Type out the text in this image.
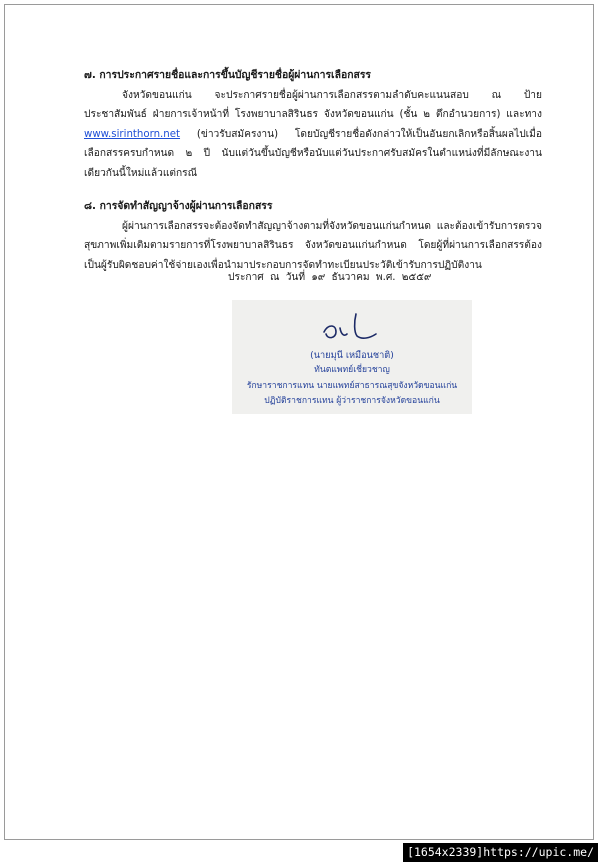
๗. การประกาศรายชื่อและการขึ้นบัญชีรายชื่อผู้ผ่านการเลือกสรร
จังหวัดขอนแก่น จะประกาศรายชื่อผู้ผ่านการเลือกสรรตามลำดับคะแนนสอบ ณ ป้ายประชาสัมพันธ์ ฝ่ายการเจ้าหน้าที่ โรงพยาบาลสิรินธร จังหวัดขอนแก่น (ชั้น ๒ ตึกอำนวยการ) และทาง www.sirinthorn.net (ข่าวรับสมัครงาน) โดยบัญชีรายชื่อดังกล่าวให้เป็นอันยกเลิกหรือสิ้นผลไปเมื่อเลือกสรรครบกำหนด ๒ ปี นับแต่วันขึ้นบัญชีหรือนับแต่วันประกาศรับสมัครในตำแหน่งที่มีลักษณะงานเดียวกันนี้ใหม่แล้วแต่กรณี
๘. การจัดทำสัญญาจ้างผู้ผ่านการเลือกสรร
ผู้ผ่านการเลือกสรรจะต้องจัดทำสัญญาจ้างตามที่จังหวัดขอนแก่นกำหนด และต้องเข้ารับการตรวจสุขภาพเพิ่มเติมตามรายการที่โรงพยาบาลสิรินธร จังหวัดขอนแก่นกำหนด โดยผู้ที่ผ่านการเลือกสรรต้องเป็นผู้รับผิดชอบค่าใช้จ่ายเองเพื่อนำมาประกอบการจัดทำทะเบียนประวัติเข้ารับการปฏิบัติงาน
ประกาศ ณ วันที่ ๑๙ ธันวาคม พ.ศ. ๒๕๕๙
(นายมุนี เหมือนชาติ)
ทันตแพทย์เชี่ยวชาญ
รักษาราชการแทน นายแพทย์สาธารณสุขจังหวัดขอนแก่น
ปฏิบัติราชการแทน ผู้ว่าราชการจังหวัดขอนแก่น
[1654x2339]https://upic.me/
